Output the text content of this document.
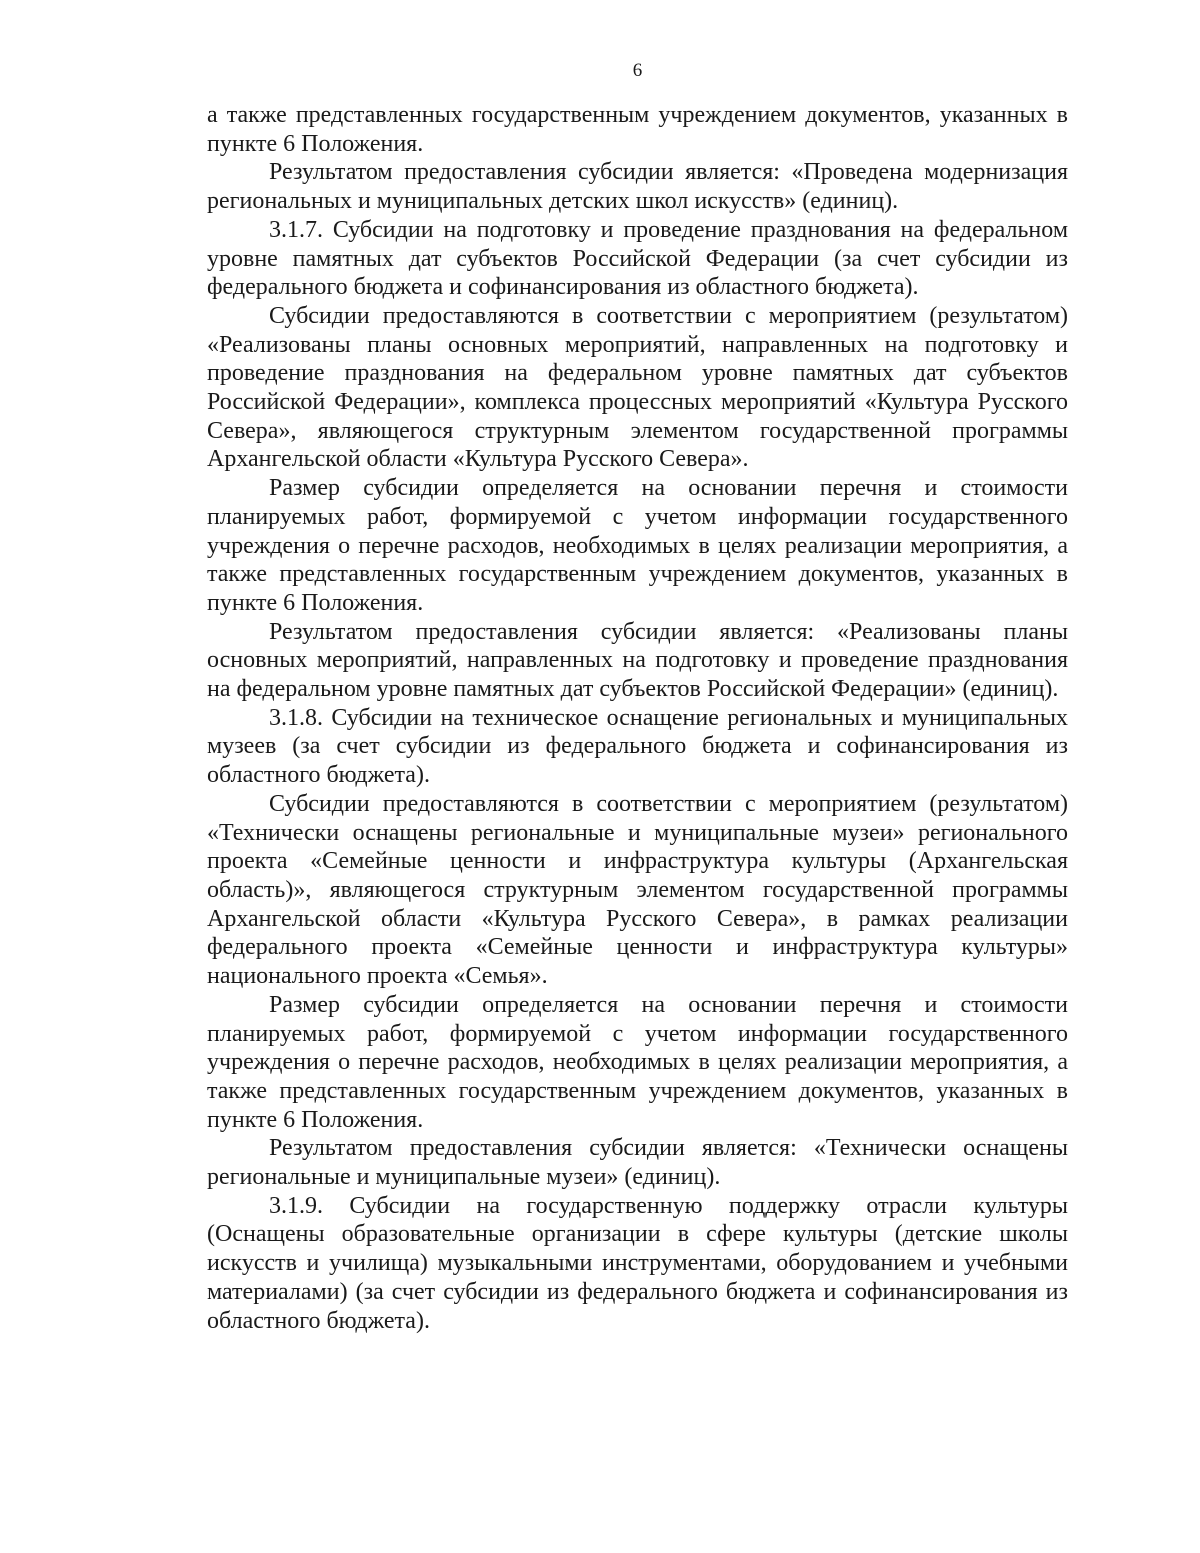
6

а также представленных государственным учреждением документов, указанных в пункте 6 Положения.

Результатом предоставления субсидии является: «Проведена модернизация региональных и муниципальных детских школ искусств» (единиц).

3.1.7. Субсидии на подготовку и проведение празднования на федеральном уровне памятных дат субъектов Российской Федерации (за счет субсидии из федерального бюджета и софинансирования из областного бюджета).

Субсидии предоставляются в соответствии с мероприятием (результатом) «Реализованы планы основных мероприятий, направленных на подготовку и проведение празднования на федеральном уровне памятных дат субъектов Российской Федерации», комплекса процессных мероприятий «Культура Русского Севера», являющегося структурным элементом государственной программы Архангельской области «Культура Русского Севера».

Размер субсидии определяется на основании перечня и стоимости планируемых работ, формируемой с учетом информации государственного учреждения о перечне расходов, необходимых в целях реализации мероприятия, а также представленных государственным учреждением документов, указанных в пункте 6 Положения.

Результатом предоставления субсидии является: «Реализованы планы основных мероприятий, направленных на подготовку и проведение празднования на федеральном уровне памятных дат субъектов Российской Федерации» (единиц).

3.1.8. Субсидии на техническое оснащение региональных и муниципальных музеев (за счет субсидии из федерального бюджета и софинансирования из областного бюджета).

Субсидии предоставляются в соответствии с мероприятием (результатом) «Технически оснащены региональные и муниципальные музеи» регионального проекта «Семейные ценности и инфраструктура культуры (Архангельская область)», являющегося структурным элементом государственной программы Архангельской области «Культура Русского Севера», в рамках реализации федерального проекта «Семейные ценности и инфраструктура культуры» национального проекта «Семья».

Размер субсидии определяется на основании перечня и стоимости планируемых работ, формируемой с учетом информации государственного учреждения о перечне расходов, необходимых в целях реализации мероприятия, а также представленных государственным учреждением документов, указанных в пункте 6 Положения.

Результатом предоставления субсидии является: «Технически оснащены региональные и муниципальные музеи» (единиц).

3.1.9. Субсидии на государственную поддержку отрасли культуры (Оснащены образовательные организации в сфере культуры (детские школы искусств и училища) музыкальными инструментами, оборудованием и учебными материалами) (за счет субсидии из федерального бюджета и софинансирования из областного бюджета).
